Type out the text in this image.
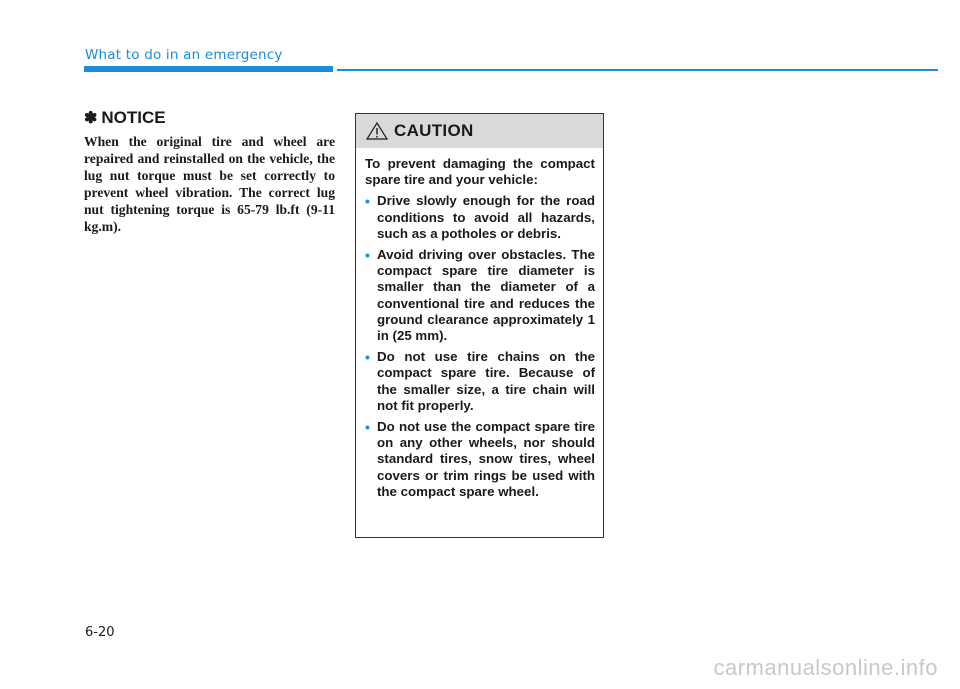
What to do in an emergency
✽ NOTICE

When the original tire and wheel are repaired and reinstalled on the vehicle, the lug nut torque must be set correctly to prevent wheel vibration. The correct lug nut tightening torque is 65-79 lb.ft (9-11 kg.m).

CAUTION

To prevent damaging the compact spare tire and your vehicle:

• Drive slowly enough for the road conditions to avoid all hazards, such as a potholes or debris.
• Avoid driving over obstacles. The compact spare tire diameter is smaller than the diameter of a conventional tire and reduces the ground clearance approximately 1 in (25 mm).
• Do not use tire chains on the compact spare tire. Because of the smaller size, a tire chain will not fit properly.
• Do not use the compact spare tire on any other wheels, nor should standard tires, snow tires, wheel covers or trim rings be used with the compact spare wheel.
6-20
carmanualsonline.info
